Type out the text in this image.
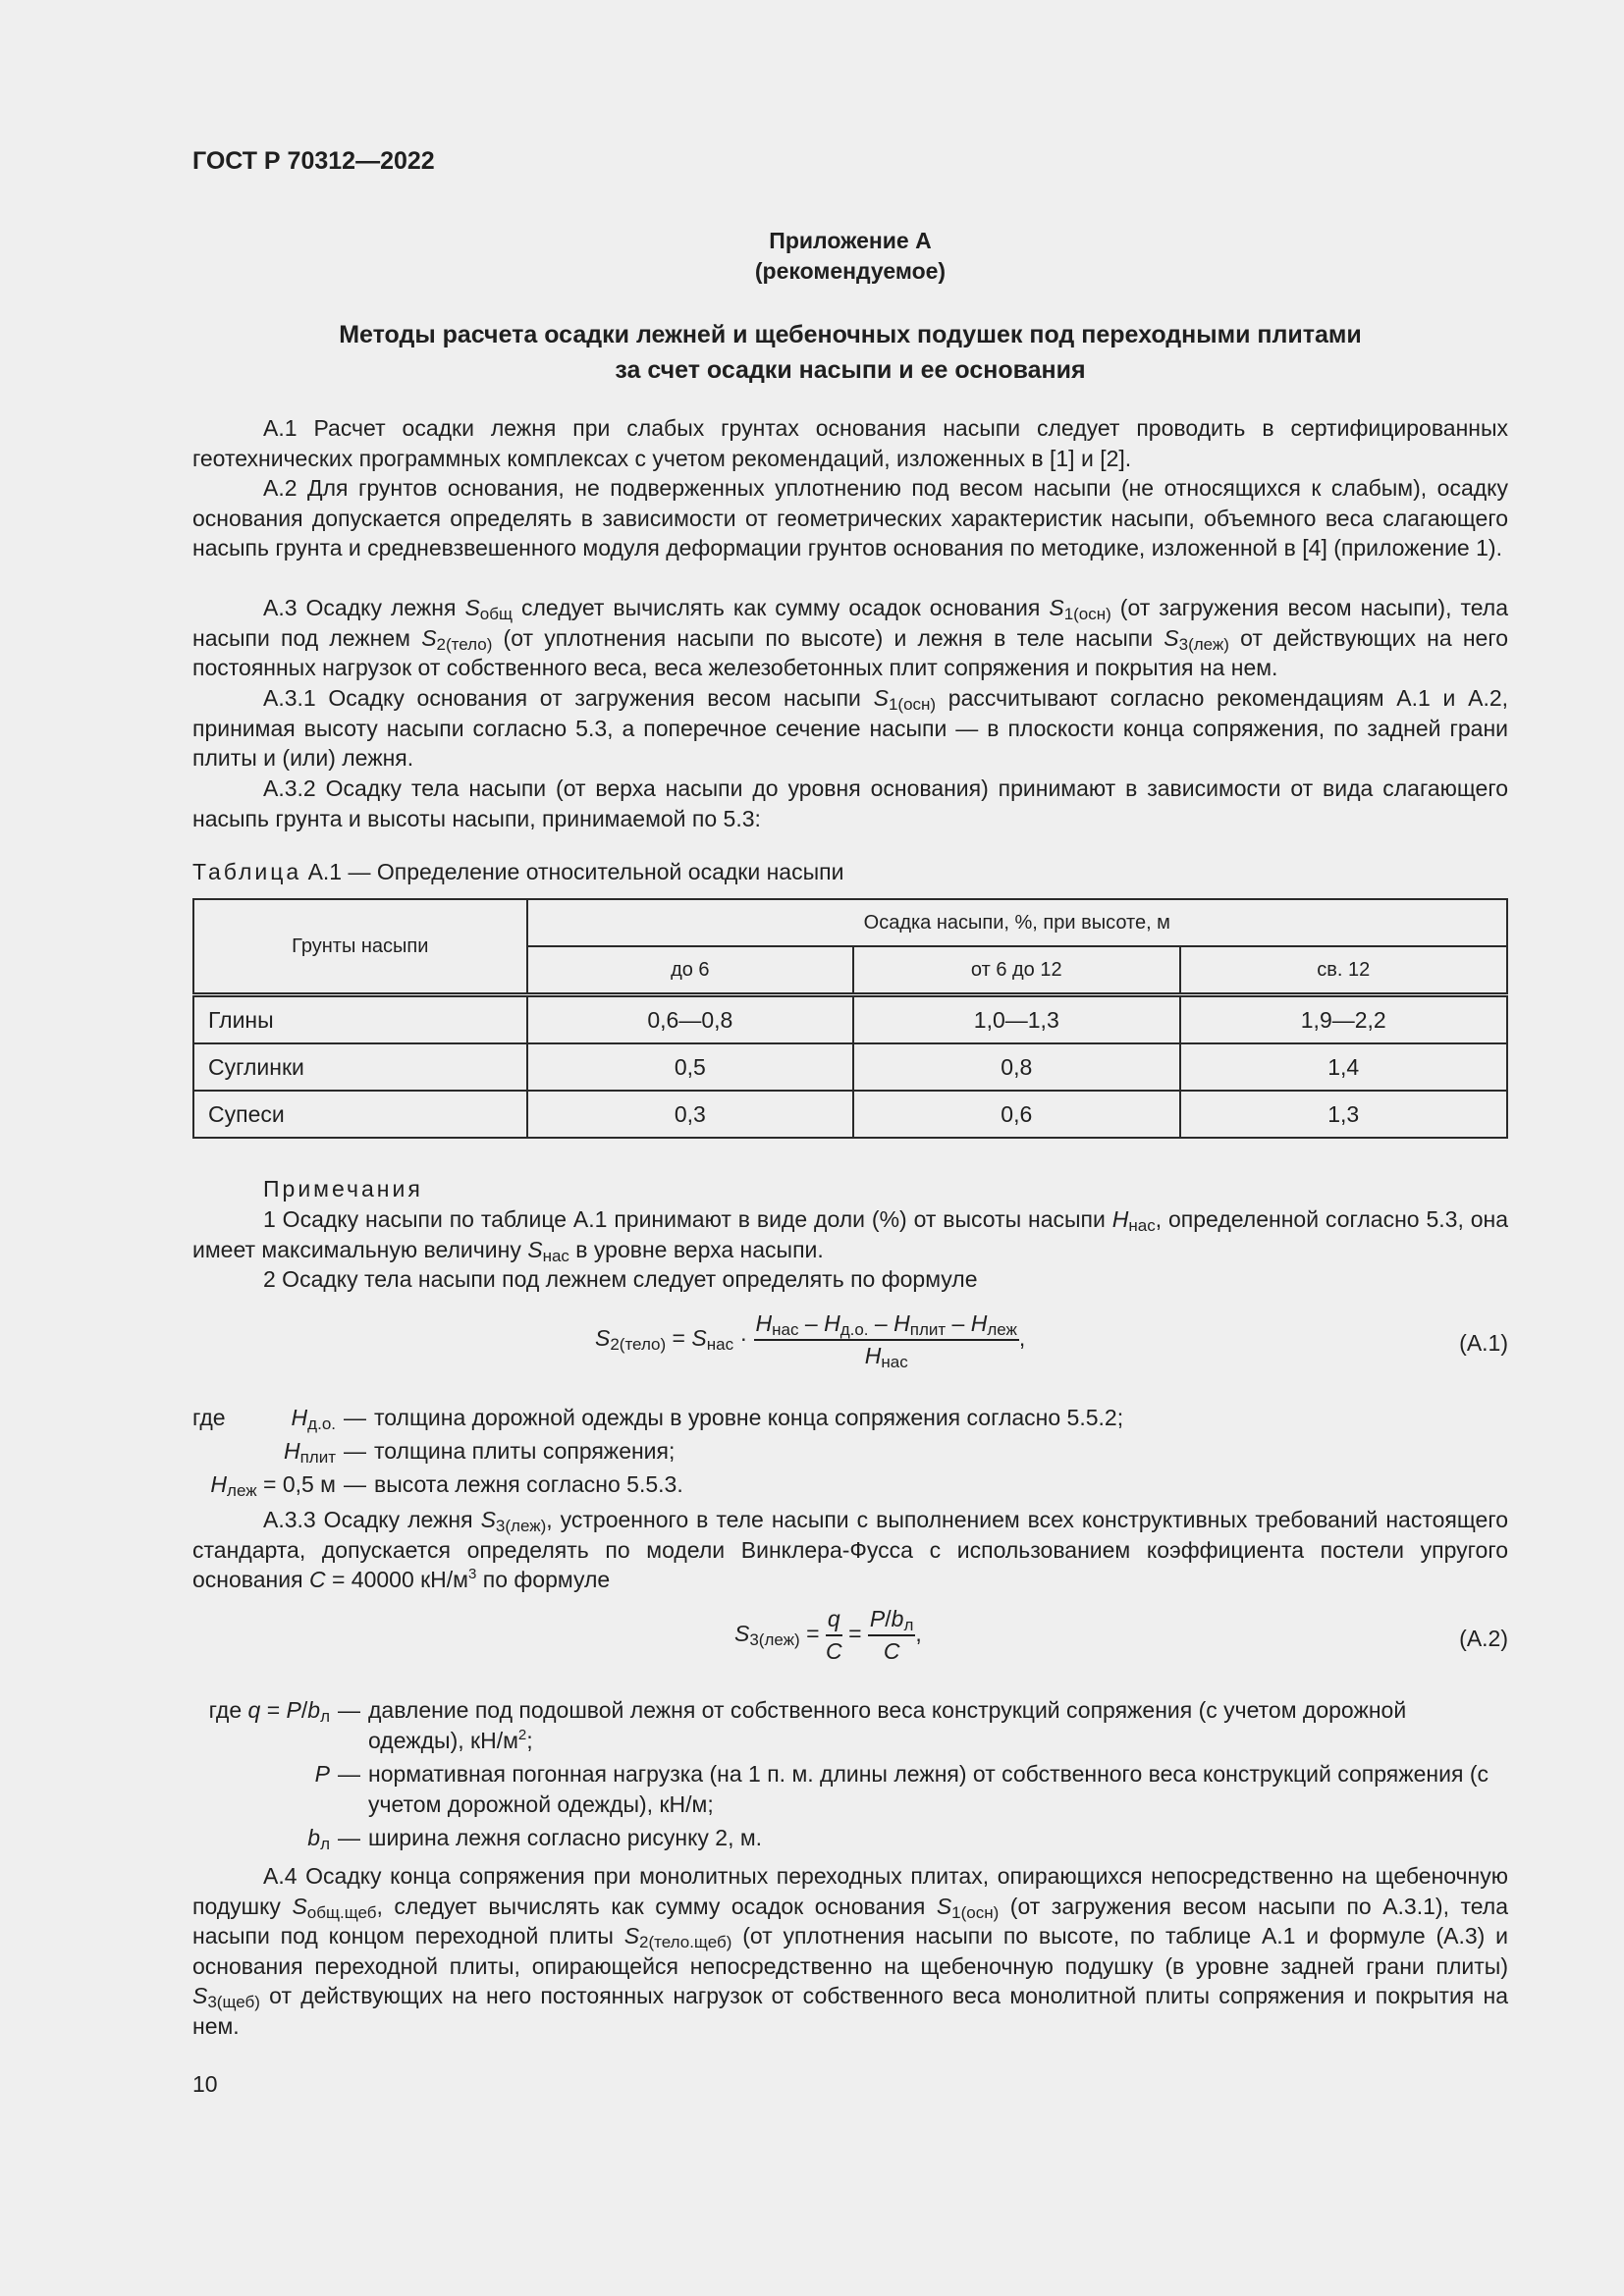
ГОСТ Р 70312—2022
Приложение А
(рекомендуемое)
Методы расчета осадки лежней и щебеночных подушек под переходными плитами
за счет осадки насыпи и ее основания
А.1 Расчет осадки лежня при слабых грунтах основания насыпи следует проводить в сертифицированных геотехнических программных комплексах с учетом рекомендаций, изложенных в [1] и [2].
А.2 Для грунтов основания, не подверженных уплотнению под весом насыпи (не относящихся к слабым), осадку основания допускается определять в зависимости от геометрических характеристик насыпи, объемного веса слагающего насыпь грунта и средневзвешенного модуля деформации грунтов основания по методике, изложенной в [4] (приложение 1).
А.3 Осадку лежня $S_{общ}$ следует вычислять как сумму осадок основания $S_{1(осн)}$ (от загружения весом насыпи), тела насыпи под лежнем $S_{2(тело)}$ (от уплотнения насыпи по высоте) и лежня в теле насыпи $S_{3(леж)}$ от действующих на него постоянных нагрузок от собственного веса, веса железобетонных плит сопряжения и покрытия на нем.
А.3.1 Осадку основания от загружения весом насыпи $S_{1(осн)}$ рассчитывают согласно рекомендациям А.1 и А.2, принимая высоту насыпи согласно 5.3, а поперечное сечение насыпи — в плоскости конца сопряжения, по задней грани плиты и (или) лежня.
А.3.2 Осадку тела насыпи (от верха насыпи до уровня основания) принимают в зависимости от вида слагающего насыпь грунта и высоты насыпи, принимаемой по 5.3:
Таблица А.1 — Определение относительной осадки насыпи
Грунты насыпи	Осадка насыпи, %, при высоте, м		
	до 6	от 6 до 12	св. 12
Глины	0,6—0,8	1,0—1,3	1,9—2,2
Суглинки	0,5	0,8	1,4
Супеси	0,3	0,6	1,3
Примечания
1 Осадку насыпи по таблице А.1 принимают в виде доли (%) от высоты насыпи $H_{нас}$, определенной согласно 5.3, она имеет максимальную величину $S_{нас}$ в уровне верха насыпи.
2 Осадку тела насыпи под лежнем следует определять по формуле
$S_{2(тело)} = S_{нас} \cdot \frac{H_{нас} - H_{д.о.} - H_{плит} - H_{леж}}{H_{нас}}$ ,	(А.1)
где	$H_{д.о.}$ — толщина дорожной одежды в уровне конца сопряжения согласно 5.5.2;
$H_{плит}$ — толщина плиты сопряжения;
$H_{леж} = 0,5$ м — высота лежня согласно 5.5.3.
А.3.3 Осадку лежня $S_{3(леж)}$, устроенного в теле насыпи с выполнением всех конструктивных требований настоящего стандарта, допускается определять по модели Винклера-Фусса с использованием коэффициента постели упругого основания C = 40000 $кН/м^3$ по формуле
$S_{3(леж)} = \frac{q}{C} = \frac{P/b_л}{C}$ ,	(А.2)
где $q = P/b_л$ — давление под подошвой лежня от собственного веса конструкций сопряжения (с учетом дорожной одежды), $кН/м^2$;
P — нормативная погонная нагрузка (на 1 п. м. длины лежня) от собственного веса конструкций сопряжения (с учетом дорожной одежды), кН/м;
$b_л$ — ширина лежня согласно рисунку 2, м.
А.4 Осадку конца сопряжения при монолитных переходных плитах, опирающихся непосредственно на щебеночную подушку $S_{общ.щеб}$, следует вычислять как сумму осадок основания $S_{1(осн)}$ (от загружения весом насыпи по А.3.1), тела насыпи под концом переходной плиты $S_{2(тело.щеб)}$ (от уплотнения насыпи по высоте, по таблице А.1 и формуле (А.3) и основания переходной плиты, опирающейся непосредственно на щебеночную подушку (в уровне задней грани плиты) $S_{3(щеб)}$ от действующих на него постоянных нагрузок от собственного веса монолитной плиты сопряжения и покрытия на нем.
10
